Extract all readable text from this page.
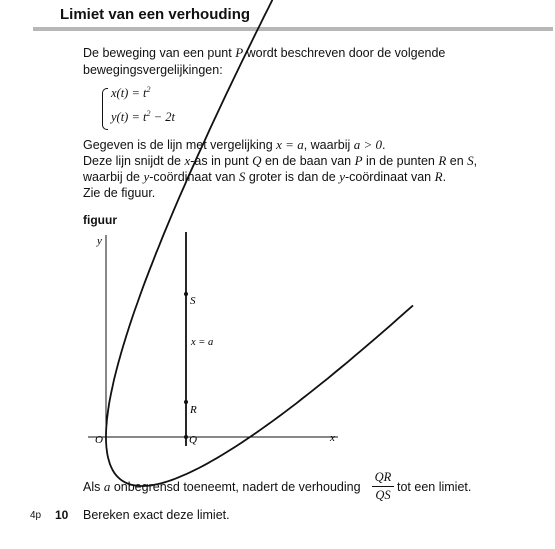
Limiet van een verhouding
De beweging van een punt P wordt beschreven door de volgende
bewegingsvergelijkingen:
$x(t) = t^2$
$y(t) = t^2 - 2t$
Gegeven is de lijn met vergelijking x = a, waarbij a > 0.
Deze lijn snijdt de x-as in punt Q en de baan van P in de punten R en S,
waarbij de y-coördinaat van S groter is dan de y-coördinaat van R.
Zie de figuur.
figuur
y
x
O
S
R
Q
x = a
Als a onbegrensd toeneemt, nadert de verhouding
QR
QS
tot een limiet.
4p 10 Bereken exact deze limiet.
